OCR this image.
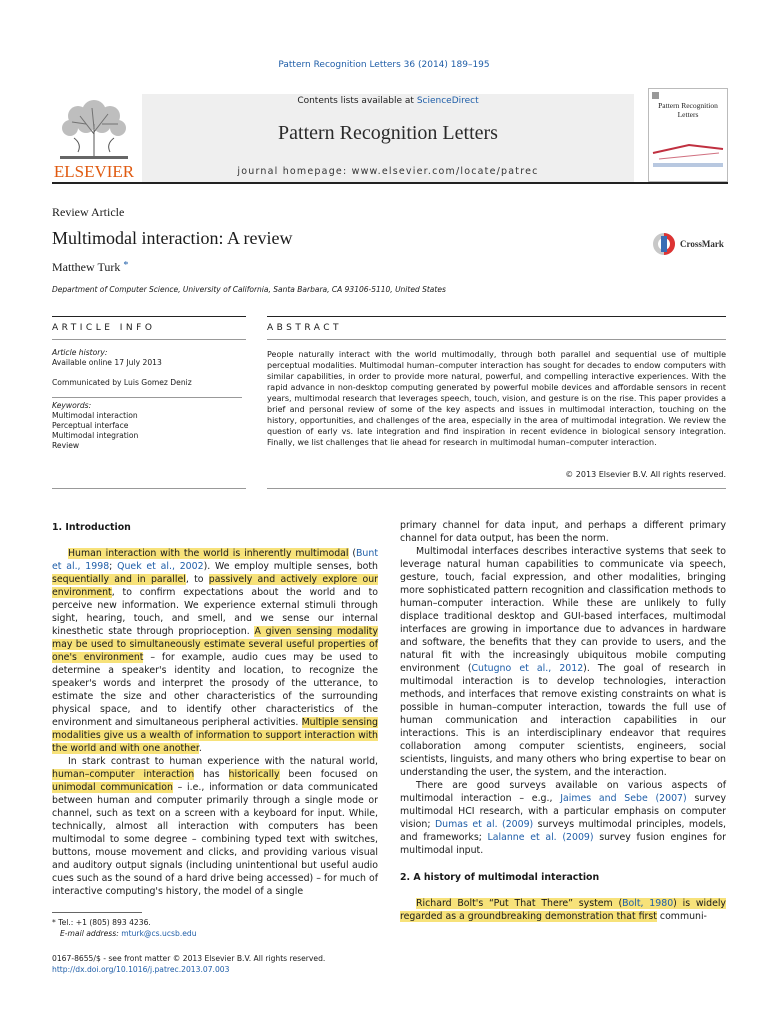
Pattern Recognition Letters 36 (2014) 189–195
ELSEVIER
Contents lists available at ScienceDirect
Pattern Recognition Letters
journal homepage: www.elsevier.com/locate/patrec
Pattern Recognition Letters
Review Article
Multimodal interaction: A review
Matthew Turk *
Department of Computer Science, University of California, Santa Barbara, CA 93106-5110, United States
CrossMark
ARTICLE INFO	ABSTRACT
Article history:
Available online 17 July 2013
Communicated by Luis Gomez Deniz
Keywords:
Multimodal interaction
Perceptual interface
Multimodal integration
Review
People naturally interact with the world multimodally, through both parallel and sequential use of multiple perceptual modalities. Multimodal human–computer interaction has sought for decades to endow computers with similar capabilities, in order to provide more natural, powerful, and compelling interactive experiences. With the rapid advance in non-desktop computing generated by powerful mobile devices and affordable sensors in recent years, multimodal research that leverages speech, touch, vision, and gesture is on the rise. This paper provides a brief and personal review of some of the key aspects and issues in multimodal interaction, touching on the history, opportunities, and challenges of the area, especially in the area of multimodal integration. We review the question of early vs. late integration and find inspiration in recent evidence in biological sensory integration. Finally, we list challenges that lie ahead for research in multimodal human–computer interaction.
© 2013 Elsevier B.V. All rights reserved.
1. Introduction

Human interaction with the world is inherently multimodal (Bunt et al., 1998; Quek et al., 2002). We employ multiple senses, both sequentially and in parallel, to passively and actively explore our environment, to confirm expectations about the world and to perceive new information. We experience external stimuli through sight, hearing, touch, and smell, and we sense our internal kinesthetic state through proprioception. A given sensing modality may be used to simultaneously estimate several useful properties of one's environment – for example, audio cues may be used to determine a speaker's identity and location, to recognize the speaker's words and interpret the prosody of the utterance, to estimate the size and other characteristics of the surrounding physical space, and to identify other characteristics of the environment and simultaneous peripheral activities. Multiple sensing modalities give us a wealth of information to support interaction with the world and with one another.

In stark contrast to human experience with the natural world, human–computer interaction has historically been focused on unimodal communication – i.e., information or data communicated between human and computer primarily through a single mode or channel, such as text on a screen with a keyboard for input. While, technically, almost all interaction with computers has been multimodal to some degree – combining typed text with switches, buttons, mouse movement and clicks, and providing various visual and auditory output signals (including unintentional but useful audio cues such as the sound of a hard drive being accessed) – for much of interactive computing's history, the model of a single

primary channel for data input, and perhaps a different primary channel for data output, has been the norm.

Multimodal interfaces describes interactive systems that seek to leverage natural human capabilities to communicate via speech, gesture, touch, facial expression, and other modalities, bringing more sophisticated pattern recognition and classification methods to human–computer interaction. While these are unlikely to fully displace traditional desktop and GUI-based interfaces, multimodal interfaces are growing in importance due to advances in hardware and software, the benefits that they can provide to users, and the natural fit with the increasingly ubiquitous mobile computing environment (Cutugno et al., 2012). The goal of research in multimodal interaction is to develop technologies, interaction methods, and interfaces that remove existing constraints on what is possible in human–computer interaction, towards the full use of human communication and interaction capabilities in our interactions. This is an interdisciplinary endeavor that requires collaboration among computer scientists, engineers, social scientists, linguists, and many others who bring expertise to bear on understanding the user, the system, and the interaction.

There are good surveys available on various aspects of multimodal interaction – e.g., Jaimes and Sebe (2007) survey multimodal HCI research, with a particular emphasis on computer vision; Dumas et al. (2009) surveys multimodal principles, models, and frameworks; Lalanne et al. (2009) survey fusion engines for multimodal input.

2. A history of multimodal interaction

Richard Bolt's “Put That There” system (Bolt, 1980) is widely regarded as a groundbreaking demonstration that first communi-

* Tel.: +1 (805) 893 4236.
E-mail address: mturk@cs.ucsb.edu
0167-8655/$ - see front matter © 2013 Elsevier B.V. All rights reserved.
http://dx.doi.org/10.1016/j.patrec.2013.07.003
